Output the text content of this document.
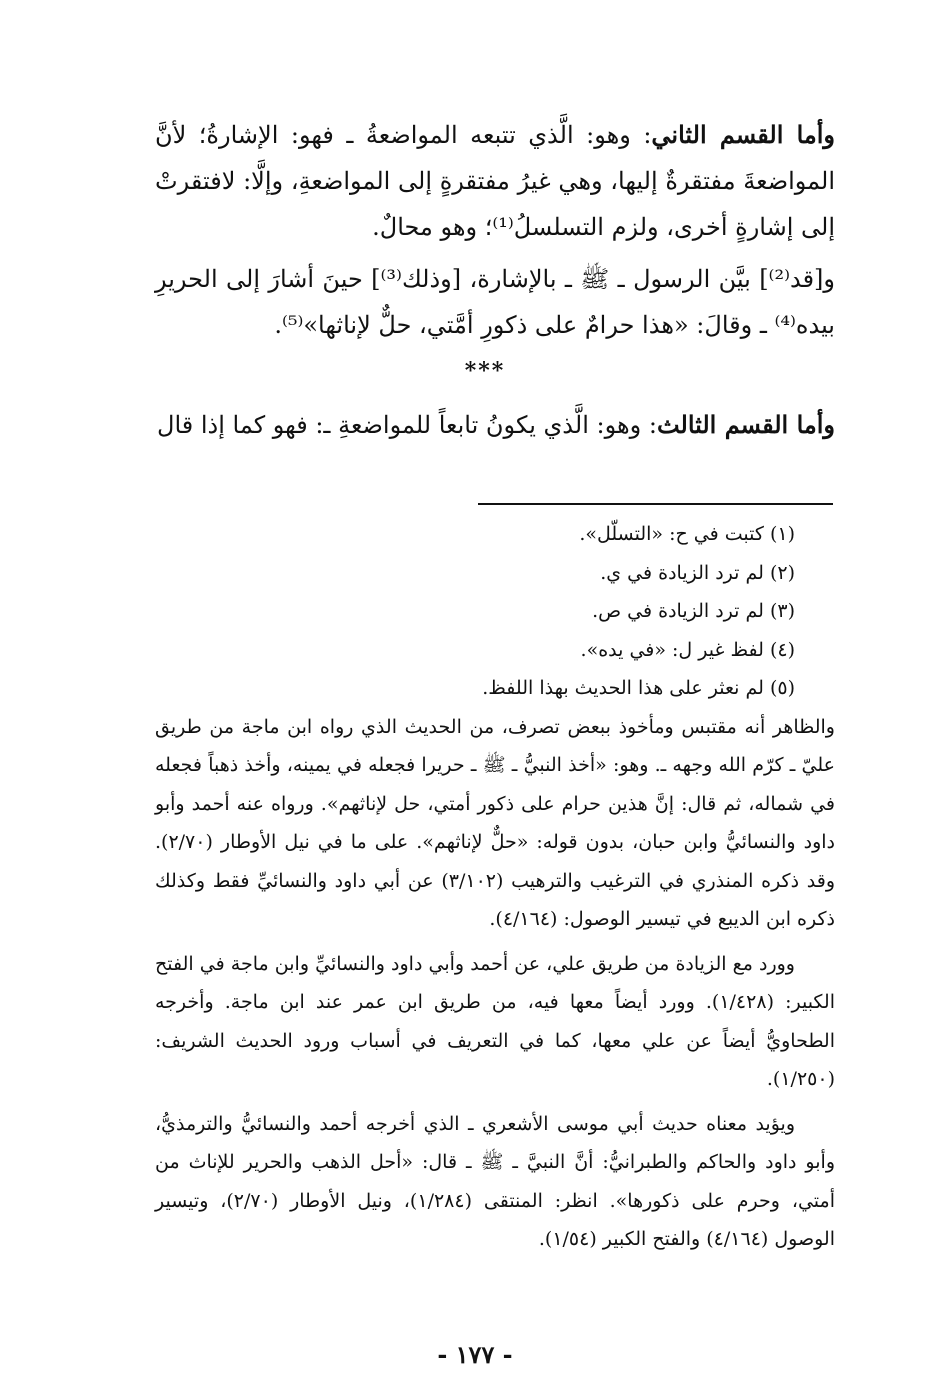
وأما القسم الثاني: وهو: الَّذي تتبعه المواضعةُ ـ فهو: الإشارةُ؛ لأنَّ المواضعةَ مفتقرةٌ إليها، وهي غيرُ مفتقرةٍ إلى المواضعةِ، وإلَّا: لافتقرتْ إلى إشارةٍ أخرى، ولزم التسلسلُ⁽¹⁾؛ وهو محالٌ.

و[قد⁽²⁾] بيَّن الرسول ـ ﷺ ـ بالإشارة، [وذلك⁽³⁾] حينَ أشارَ إلى الحريرِ بيده⁽⁴⁾ ـ وقالَ: «هذا حرامٌ على ذكورِ أمَّتي، حلٌّ لإناثها»⁽⁵⁾.

***
وأما القسم الثالث: وهو: الَّذي يكونُ تابعاً للمواضعةِ ـ: فهو كما إذا قال

(١) كتبت في ح: «التسلّل».

(٢) لم ترد الزيادة في ي.

(٣) لم ترد الزيادة في ص.

(٤) لفظ غير ل: «في يده».

(٥) لم نعثر على هذا الحديث بهذا اللفظ.

والظاهر أنه مقتبس ومأخوذ ببعض تصرف، من الحديث الذي رواه ابن ماجة من طريق عليّ ـ كرّم الله وجهه ـ. وهو: «أخذ النبيُّ ـ ﷺ ـ حريرا فجعله في يمينه، وأخذ ذهباً فجعله في شماله، ثم قال: إنَّ هذين حرام على ذكور أمتي، حل لإناثهم». ورواه عنه أحمد وأبو داود والنسائيُّ وابن حبان، بدون قوله: «حلٌّ لإناثهم». على ما في نيل الأوطار (٢/٧٠). وقد ذكره المنذري في الترغيب والترهيب (٣/١٠٢) عن أبي داود والنسائيِّ فقط وكذلك ذكره ابن الديبع في تيسير الوصول: (٤/١٦٤).

وورد مع الزيادة من طريق علي، عن أحمد وأبي داود والنسائيِّ وابن ماجة في الفتح الكبير: (١/٤٢٨). وورد أيضاً معها فيه، من طريق ابن عمر عند ابن ماجة. وأخرجه الطحاويُّ أيضاً عن علي معها، كما في التعريف في أسباب ورود الحديث الشريف: (١/٢٥٠).

ويؤيد معناه حديث أبي موسى الأشعري ـ الذي أخرجه أحمد والنسائيُّ والترمذيُّ، وأبو داود والحاكم والطبرانيُّ: أنَّ النبيَّ ـ ﷺ ـ قال: «أحل الذهب والحرير للإناث من أمتي، وحرم على ذكورها». انظر: المنتقى (١/٢٨٤)، ونيل الأوطار (٢/٧٠)، وتيسير الوصول (٤/١٦٤) والفتح الكبير (١/٥٤).

- ١٧٧ -
